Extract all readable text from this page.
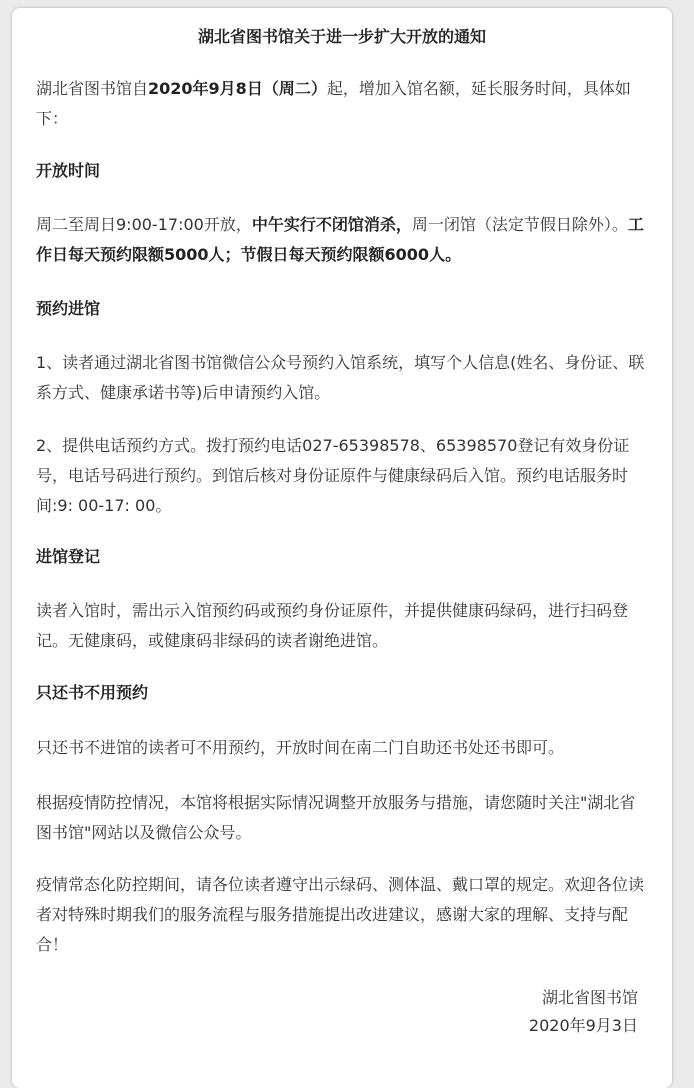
湖北省图书馆关于进一步扩大开放的通知
湖北省图书馆自2020年9月8日（周二）起，增加入馆名额，延长服务时间，具体如下：
开放时间
周二至周日9:00-17:00开放，中午实行不闭馆消杀，周一闭馆（法定节假日除外）。工作日每天预约限额5000人；节假日每天预约限额6000人。
预约进馆
1、读者通过湖北省图书馆微信公众号预约入馆系统，填写个人信息(姓名、身份证、联系方式、健康承诺书等)后申请预约入馆。
2、提供电话预约方式。拨打预约电话027-65398578、65398570登记有效身份证号，电话号码进行预约。到馆后核对身份证原件与健康绿码后入馆。预约电话服务时间:9: 00-17: 00。
进馆登记
读者入馆时，需出示入馆预约码或预约身份证原件，并提供健康码绿码，进行扫码登记。无健康码，或健康码非绿码的读者谢绝进馆。
只还书不用预约
只还书不进馆的读者可不用预约，开放时间在南二门自助还书处还书即可。
根据疫情防控情况，本馆将根据实际情况调整开放服务与措施，请您随时关注"湖北省图书馆"网站以及微信公众号。
疫情常态化防控期间，请各位读者遵守出示绿码、测体温、戴口罩的规定。欢迎各位读者对特殊时期我们的服务流程与服务措施提出改进建议，感谢大家的理解、支持与配合！
湖北省图书馆
2020年9月3日
